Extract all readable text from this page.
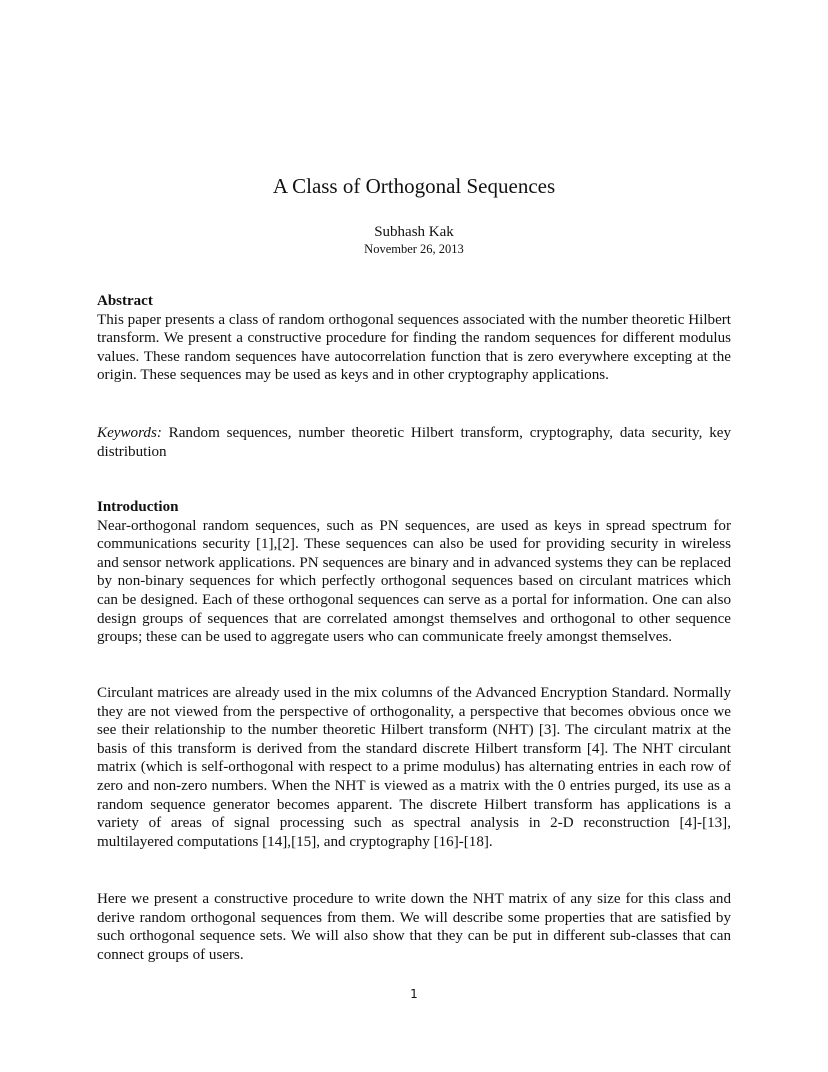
A Class of Orthogonal Sequences
Subhash Kak
November 26, 2013
Abstract

This paper presents a class of random orthogonal sequences associated with the number theoretic Hilbert transform. We present a constructive procedure for finding the random sequences for different modulus values. These random sequences have autocorrelation function that is zero everywhere excepting at the origin. These sequences may be used as keys and in other cryptography applications.

Keywords: Random sequences, number theoretic Hilbert transform, cryptography, data security, key distribution

Introduction

Near-orthogonal random sequences, such as PN sequences, are used as keys in spread spectrum for communications security [1],[2]. These sequences can also be used for providing security in wireless and sensor network applications. PN sequences are binary and in advanced systems they can be replaced by non-binary sequences for which perfectly orthogonal sequences based on circulant matrices which can be designed. Each of these orthogonal sequences can serve as a portal for information. One can also design groups of sequences that are correlated amongst themselves and orthogonal to other sequence groups; these can be used to aggregate users who can communicate freely amongst themselves.

Circulant matrices are already used in the mix columns of the Advanced Encryption Standard. Normally they are not viewed from the perspective of orthogonality, a perspective that becomes obvious once we see their relationship to the number theoretic Hilbert transform (NHT) [3]. The circulant matrix at the basis of this transform is derived from the standard discrete Hilbert transform [4]. The NHT circulant matrix (which is self-orthogonal with respect to a prime modulus) has alternating entries in each row of zero and non-zero numbers. When the NHT is viewed as a matrix with the 0 entries purged, its use as a random sequence generator becomes apparent. The discrete Hilbert transform has applications is a variety of areas of signal processing such as spectral analysis in 2-D reconstruction [4]-[13], multilayered computations [14],[15], and cryptography [16]-[18].

Here we present a constructive procedure to write down the NHT matrix of any size for this class and derive random orthogonal sequences from them. We will describe some properties that are satisfied by such orthogonal sequence sets. We will also show that they can be put in different sub-classes that can connect groups of users.

1
